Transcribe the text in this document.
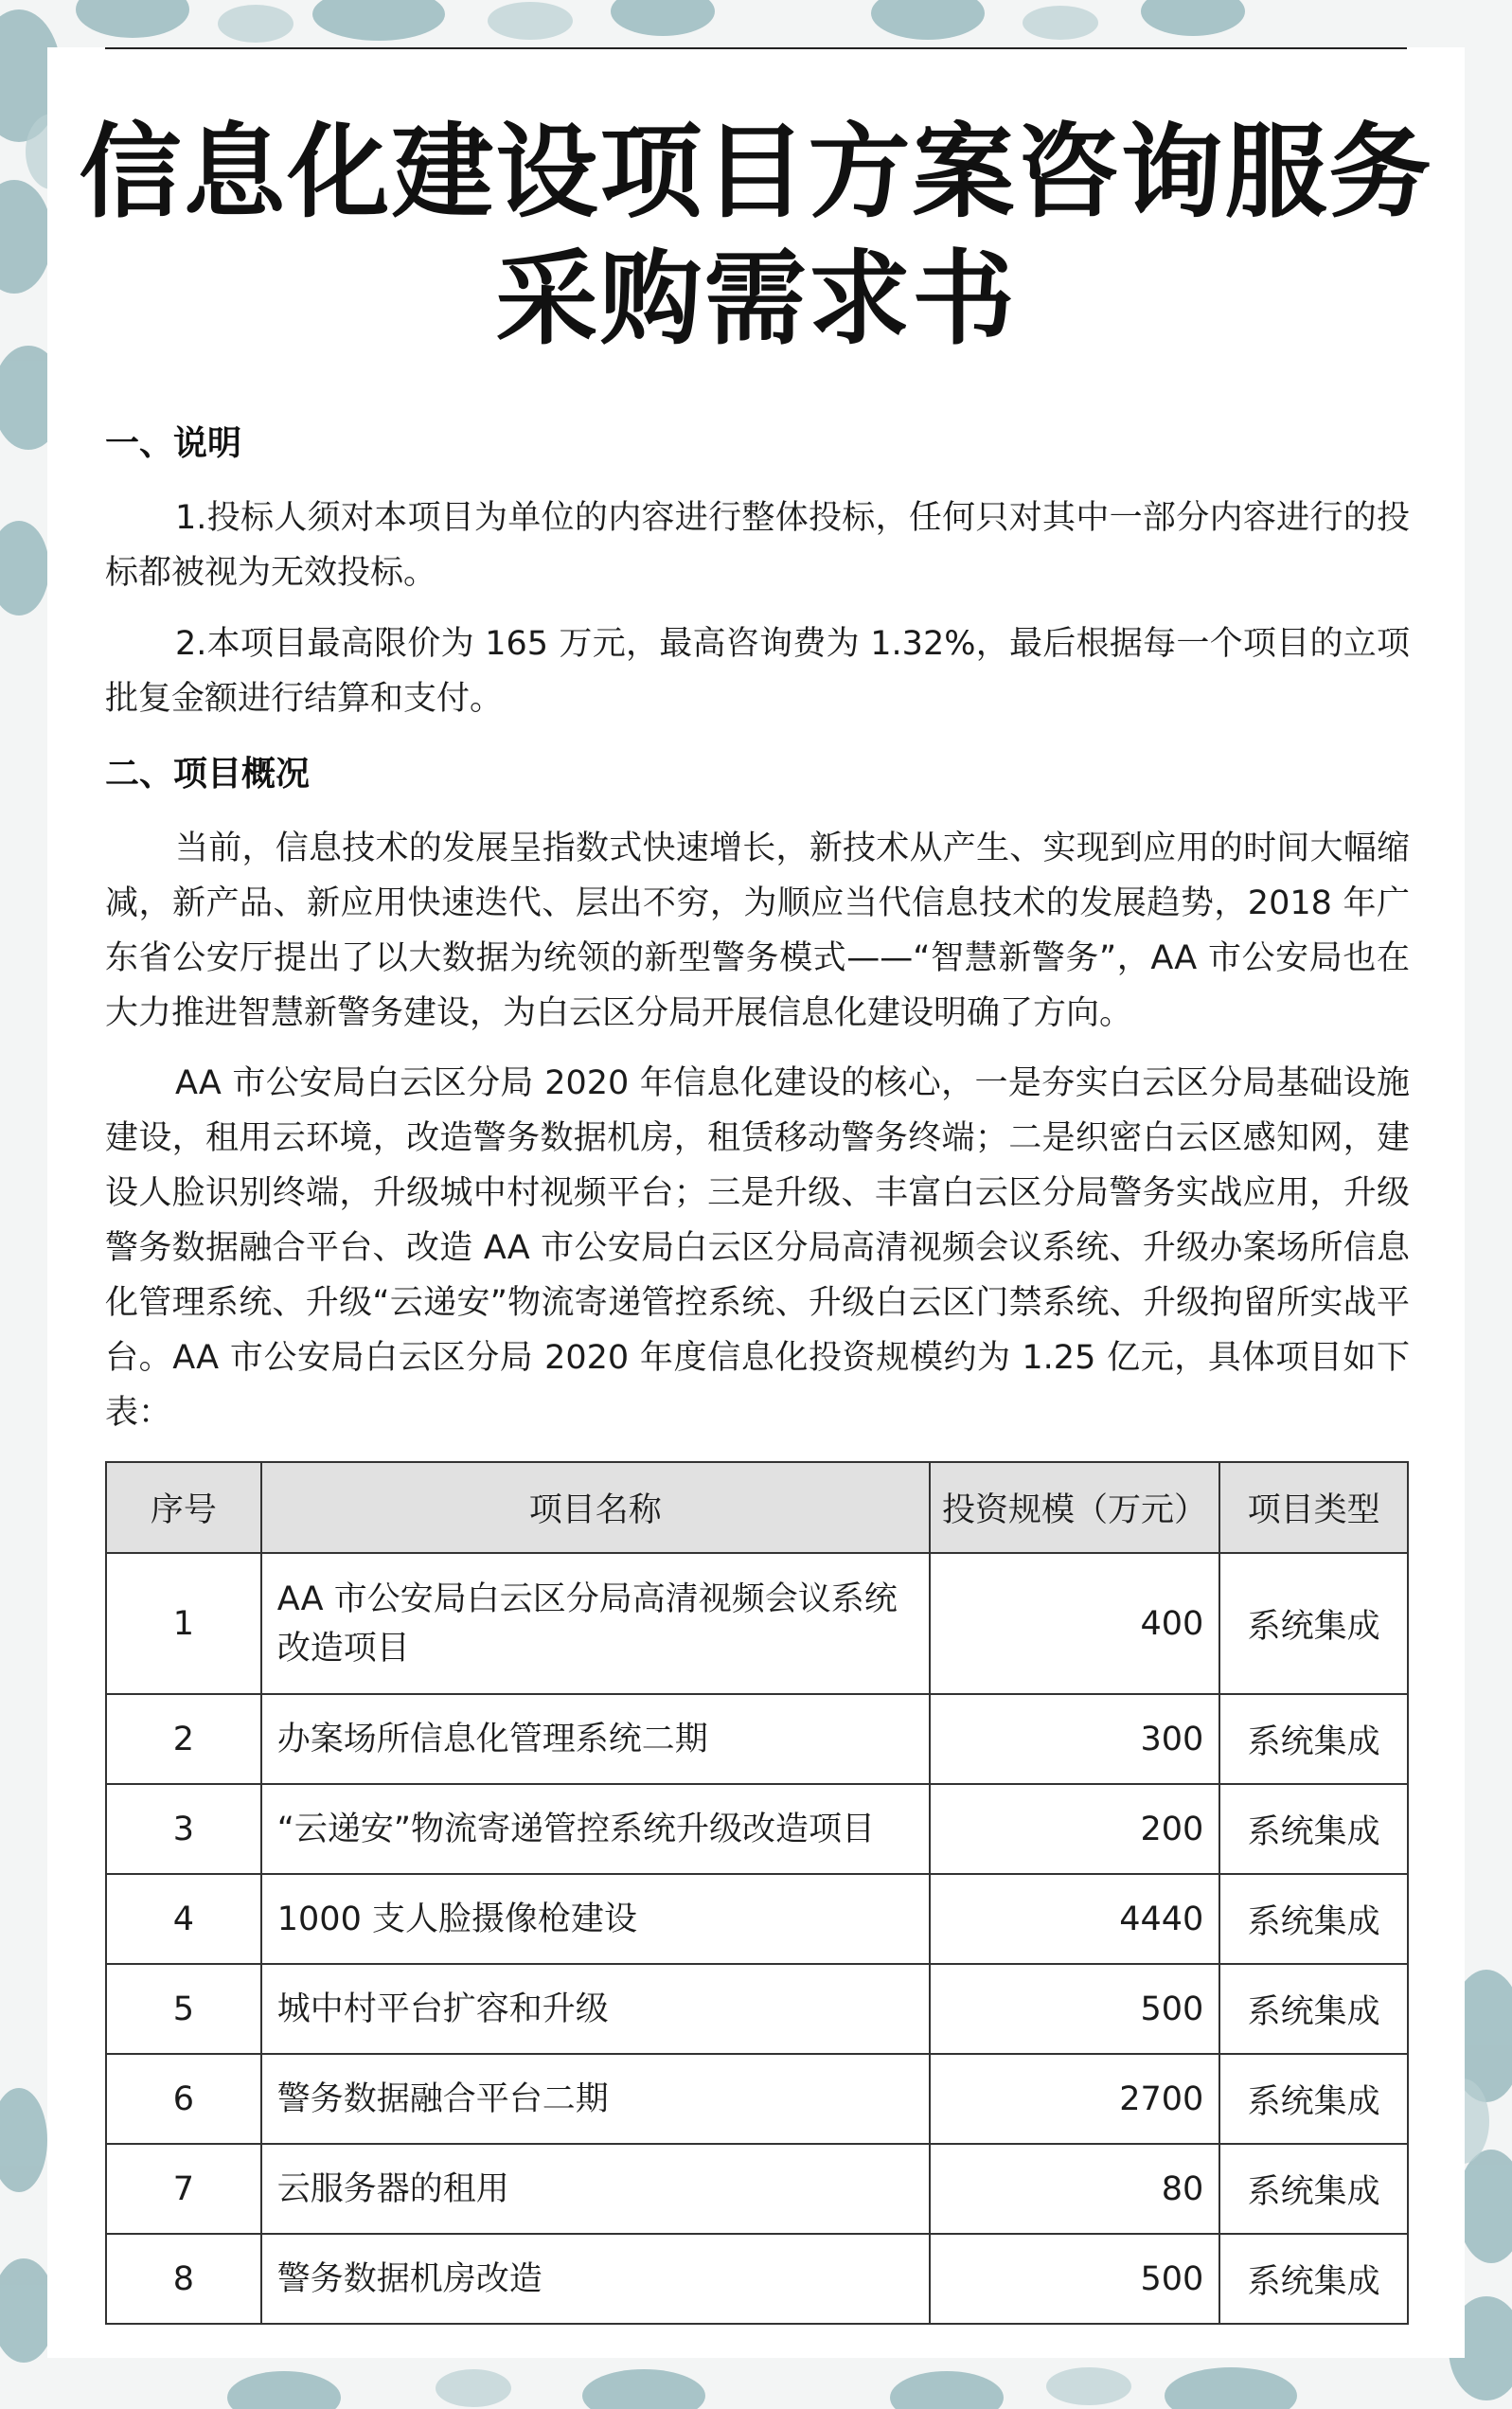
信息化建设项目方案咨询服务
采购需求书
一、说明

1.投标人须对本项目为单位的内容进行整体投标，任何只对其中一部分内容进行的投标都被视为无效投标。

2.本项目最高限价为 165 万元，最高咨询费为 1.32%，最后根据每一个项目的立项批复金额进行结算和支付。

二、项目概况

当前，信息技术的发展呈指数式快速增长，新技术从产生、实现到应用的时间大幅缩减，新产品、新应用快速迭代、层出不穷，为顺应当代信息技术的发展趋势，2018 年广东省公安厅提出了以大数据为统领的新型警务模式——“智慧新警务”，AA 市公安局也在大力推进智慧新警务建设，为白云区分局开展信息化建设明确了方向。

AA 市公安局白云区分局 2020 年信息化建设的核心，一是夯实白云区分局基础设施建设，租用云环境，改造警务数据机房，租赁移动警务终端；二是织密白云区感知网，建设人脸识别终端，升级城中村视频平台；三是升级、丰富白云区分局警务实战应用，升级警务数据融合平台、改造 AA 市公安局白云区分局高清视频会议系统、升级办案场所信息化管理系统、升级“云递安”物流寄递管控系统、升级白云区门禁系统、升级拘留所实战平台。AA 市公安局白云区分局 2020 年度信息化投资规模约为 1.25 亿元，具体项目如下表：

序号	项目名称	投资规模（万元）	项目类型
1	AA 市公安局白云区分局高清视频会议系统改造项目	400	系统集成
2	办案场所信息化管理系统二期	300	系统集成
3	“云递安”物流寄递管控系统升级改造项目	200	系统集成
4	1000 支人脸摄像枪建设	4440	系统集成
5	城中村平台扩容和升级	500	系统集成
6	警务数据融合平台二期	2700	系统集成
7	云服务器的租用	80	系统集成
8	警务数据机房改造	500	系统集成
